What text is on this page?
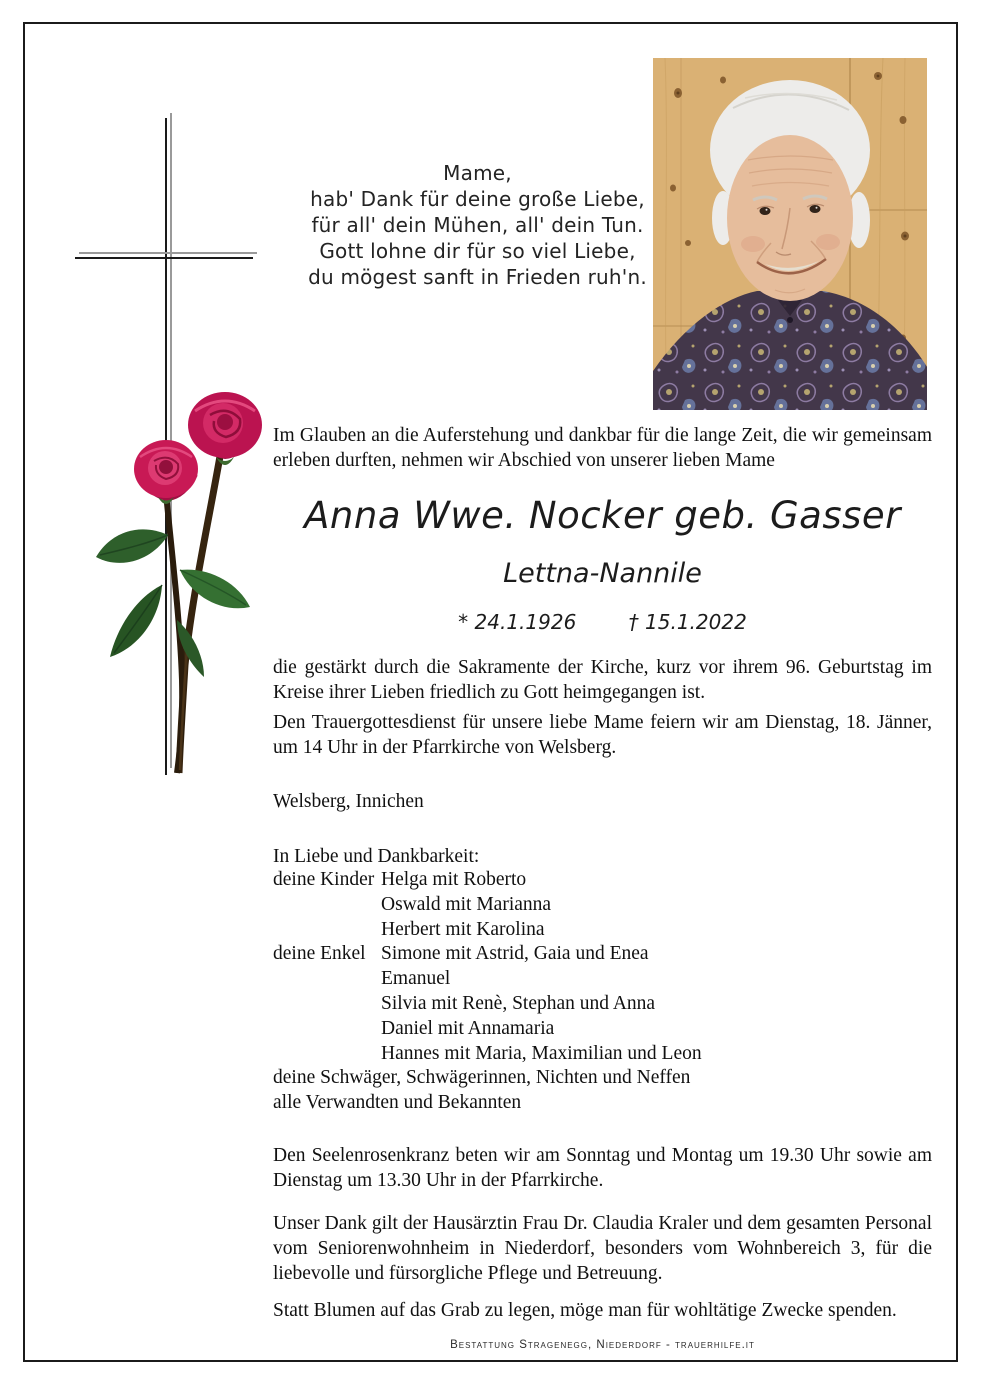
Mame,
hab' Dank für deine große Liebe,
für all' dein Mühen, all' dein Tun.
Gott lohne dir für so viel Liebe,
du mögest sanft in Frieden ruh'n.

Im Glauben an die Auferstehung und dankbar für die lange Zeit, die wir gemeinsam erleben durften, nehmen wir Abschied von unserer lieben Mame

Anna Wwe. Nocker geb. Gasser
Lettna-Nannile
* 24.1.1926	† 15.1.2022

die gestärkt durch die Sakramente der Kirche, kurz vor ihrem 96. Geburtstag im Kreise ihrer Lieben friedlich zu Gott heimgegangen ist.

Den Trauergottesdienst für unsere liebe Mame feiern wir am Dienstag, 18. Jänner, um 14 Uhr in der Pfarrkirche von Welsberg.

Welsberg, Innichen
In Liebe und Dankbarkeit:
deine Kinder Helga mit Roberto
Oswald mit Marianna
Herbert mit Karolina
deine Enkel Simone mit Astrid, Gaia und Enea
Emanuel
Silvia mit Renè, Stephan und Anna
Daniel mit Annamaria
Hannes mit Maria, Maximilian und Leon
deine Schwäger, Schwägerinnen, Nichten und Neffen
alle Verwandten und Bekannten

Den Seelenrosenkranz beten wir am Sonntag und Montag um 19.30 Uhr sowie am Dienstag um 13.30 Uhr in der Pfarrkirche.

Unser Dank gilt der Hausärztin Frau Dr. Claudia Kraler und dem gesamten Personal vom Seniorenwohnheim in Niederdorf, besonders vom Wohnbereich 3, für die liebevolle und fürsorgliche Pflege und Betreuung.

Statt Blumen auf das Grab zu legen, möge man für wohltätige Zwecke spenden.

Bestattung Stragenegg, Niederdorf - trauerhilfe.it
